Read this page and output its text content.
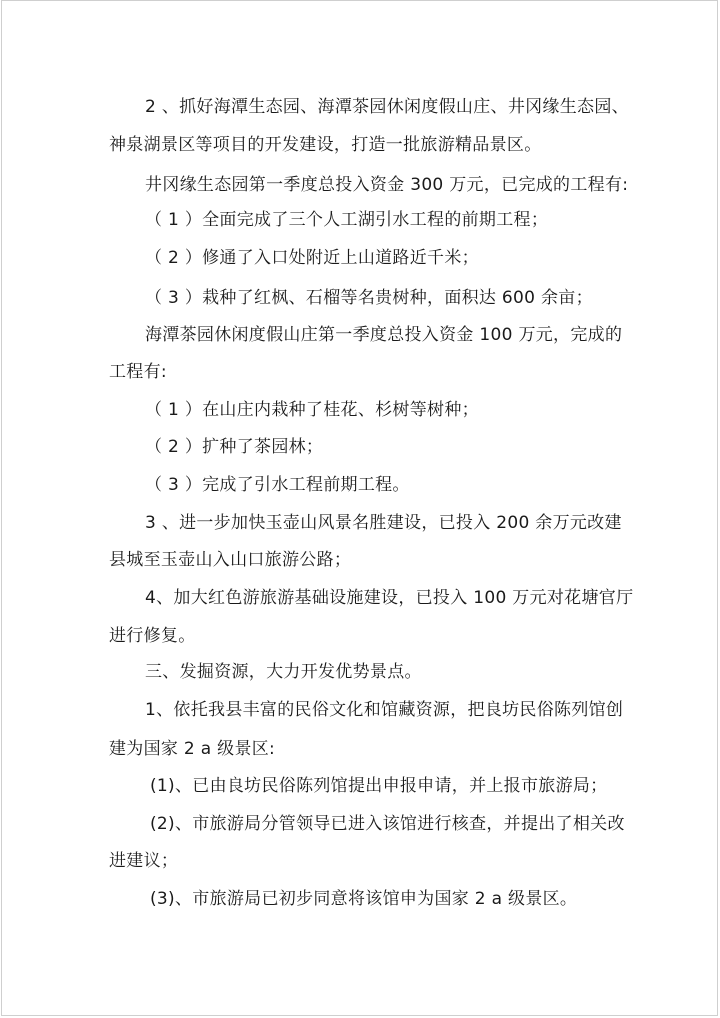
2 、抓好海潭生态园、海潭茶园休闲度假山庄、井冈缘生态园、

神泉湖景区等项目的开发建设，打造一批旅游精品景区。

井冈缘生态园第一季度总投入资金 300 万元，已完成的工程有:

（ 1 ）全面完成了三个人工湖引水工程的前期工程；

（ 2 ）修通了入口处附近上山道路近千米；

（ 3 ）栽种了红枫、石榴等名贵树种，面积达 600 余亩；

海潭茶园休闲度假山庄第一季度总投入资金 100 万元，完成的

工程有:

（ 1 ）在山庄内栽种了桂花、杉树等树种；

（ 2 ）扩种了茶园林；

（ 3 ）完成了引水工程前期工程。

3 、进一步加快玉壶山风景名胜建设，已投入 200 余万元改建

县城至玉壶山入山口旅游公路；

4、加大红色游旅游基础设施建设，已投入 100 万元对花塘官厅

进行修复。

三、发掘资源，大力开发优势景点。

1、依托我县丰富的民俗文化和馆藏资源，把良坊民俗陈列馆创

建为国家 2 a 级景区:

(1)、已由良坊民俗陈列馆提出申报申请，并上报市旅游局；

(2)、市旅游局分管领导已进入该馆进行核查，并提出了相关改

进建议；

(3)、市旅游局已初步同意将该馆申为国家 2 a 级景区。
